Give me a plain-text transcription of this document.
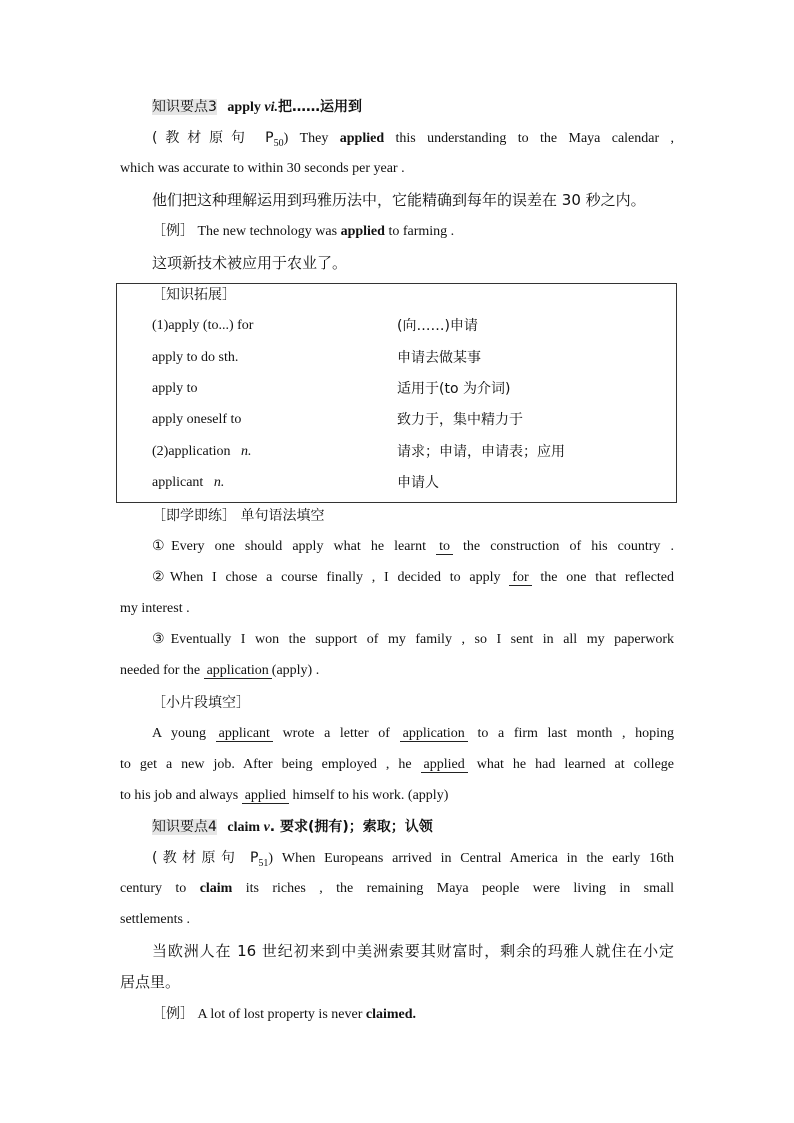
知识要点3 apply vi.把……运用到
(教材原句 $P_{50}$) They applied this understanding to the Maya calendar ,
which was accurate to within 30 seconds per year .
他们把这种理解运用到玛雅历法中，它能精确到每年的误差在 30 秒之内。
［例］ The new technology was applied to farming .
这项新技术被应用于农业了。
［知识拓展］
(1)apply (to...) for	(向……)申请
apply to do sth.	申请去做某事
apply to	适用于(to 为介词)
apply oneself to	致力于，集中精力于
(2)application n.	请求；申请，申请表；应用
applicant n.	申请人
［即学即练］ 单句语法填空
①Every one should apply what he learnt to the construction of his country .
②When I chose a course finally , I decided to apply for the one that reflected
my interest .
③Eventually I won the support of my family , so I sent in all my paperwork
needed for the application (apply) .
［小片段填空］
A young applicant wrote a letter of application to a firm last month , hoping
to get a new job. After being employed , he applied what he had learned at college
to his job and always applied himself to his work. (apply)
知识要点4 claim v. 要求(拥有)；索取；认领
(教材原句 $P_{51}$) When Europeans arrived in Central America in the early 16th
century to claim its riches , the remaining Maya people were living in small
settlements .
当欧洲人在 16 世纪初来到中美洲索要其财富时，剩余的玛雅人就住在小定
居点里。
［例］ A lot of lost property is never claimed.
